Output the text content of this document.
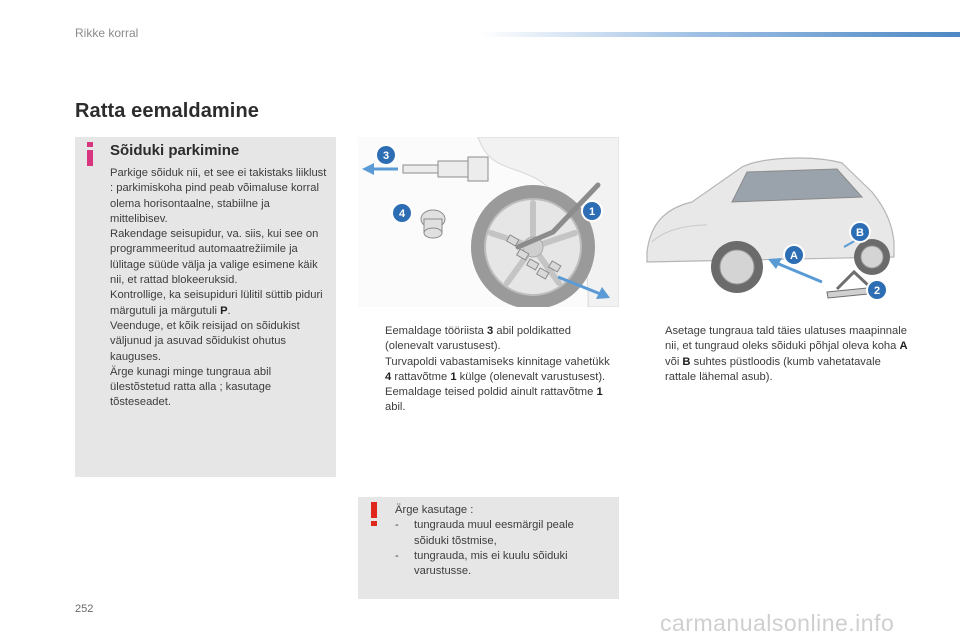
Rikke korral
Ratta eemaldamine
Sõiduki parkimine

Parkige sõiduk nii, et see ei takistaks liiklust : parkimiskoha pind peab võimaluse korral olema horisontaalne, stabiilne ja mittelibisev.

Rakendage seisupidur, va. siis, kui see on programmeeritud automaatrežiimile ja lülitage süüde välja ja valige esimene käik nii, et rattad blokeeruksid.

Kontrollige, ka seisupiduri lülitil süttib piduri märgutuli ja märgutuli P.

Veenduge, et kõik reisijad on sõidukist väljunud ja asuvad sõidukist ohutus kauguses.

Ärge kunagi minge tungraua abil ülestõstetud ratta alla ; kasutage tõsteseadet.

3
4	1
A
B
2

Eemaldage tööriista 3 abil poldikatted (olenevalt varustusest).

Turvapoldi vabastamiseks kinnitage vahetükk 4 rattavõtme 1 külge (olenevalt varustusest).

Eemaldage teised poldid ainult rattavõtme 1 abil.

Asetage tungraua tald täies ulatuses maapinnale nii, et tungraud oleks sõiduki põhjal oleva koha A või B suhtes püstloodis (kumb vahetatavale rattale lähemal asub).

Ärge kasutage :

- tungrauda muul eesmärgil peale sõiduki tõstmise,

- tungrauda, mis ei kuulu sõiduki varustusse.

252
carmanualsonline.info
